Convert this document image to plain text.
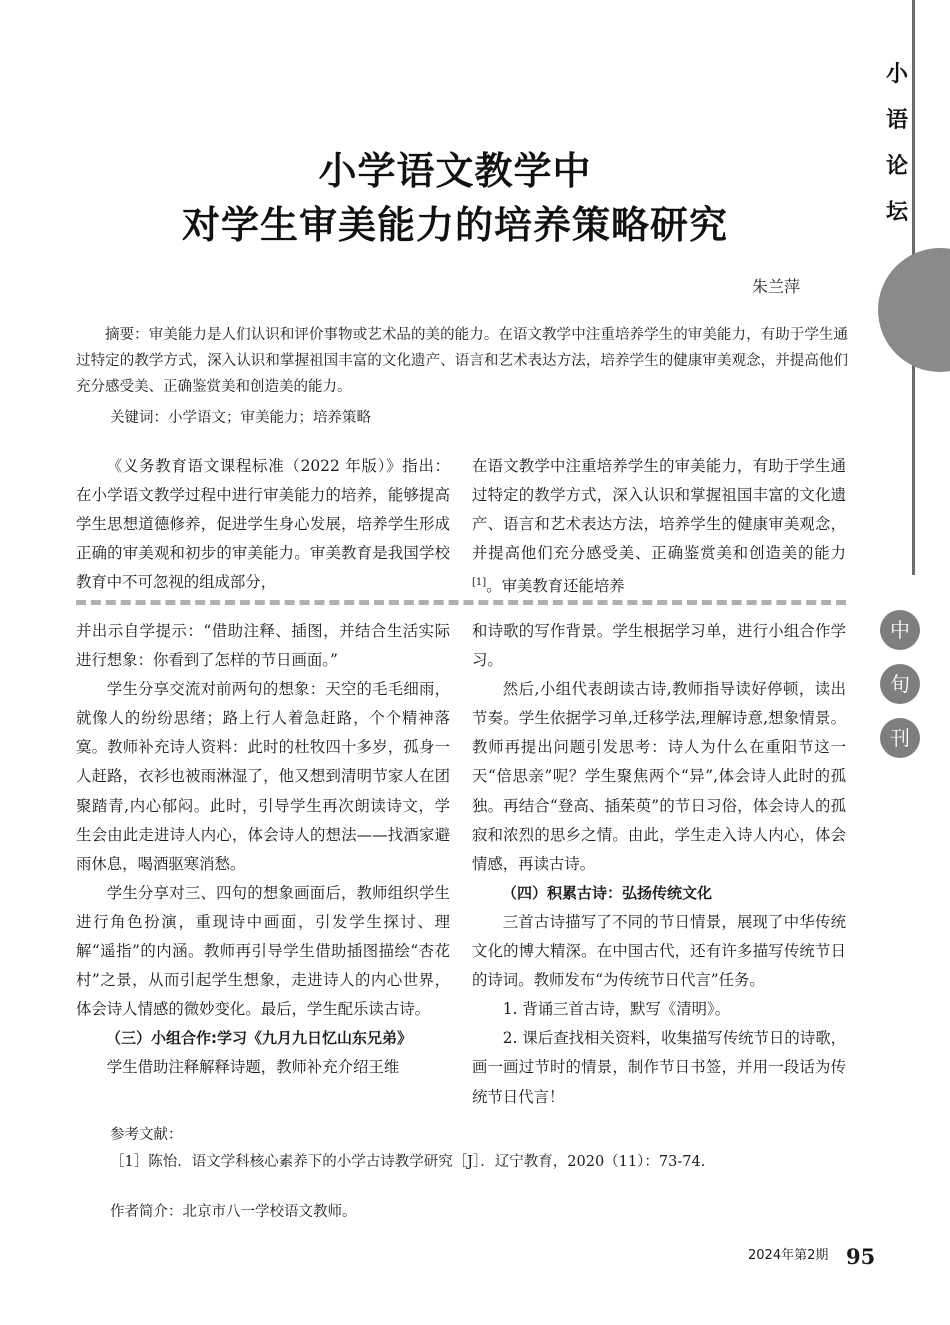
小
语
论
坛
中
旬
刊
小学语文教学中
对学生审美能力的培养策略研究
朱兰萍

摘要：审美能力是人们认识和评价事物或艺术品的美的能力。在语文教学中注重培养学生的审美能力，有助于学生通过特定的教学方式，深入认识和掌握祖国丰富的文化遗产、语言和艺术表达方法，培养学生的健康审美观念，并提高他们充分感受美、正确鉴赏美和创造美的能力。

关键词：小学语文；审美能力；培养策略

《义务教育语文课程标准（2022 年版）》指出：在小学语文教学过程中进行审美能力的培养，能够提高学生思想道德修养，促进学生身心发展，培养学生形成正确的审美观和初步的审美能力。审美教育是我国学校教育中不可忽视的组成部分，

在语文教学中注重培养学生的审美能力，有助于学生通过特定的教学方式，深入认识和掌握祖国丰富的文化遗产、语言和艺术表达方法，培养学生的健康审美观念，并提高他们充分感受美、正确鉴赏美和创造美的能力[1]。审美教育还能培养

并出示自学提示：“借助注释、插图，并结合生活实际进行想象：你看到了怎样的节日画面。”

学生分享交流对前两句的想象：天空的毛毛细雨，就像人的纷纷思绪；路上行人着急赶路，个个精神落寞。教师补充诗人资料：此时的杜牧四十多岁，孤身一人赶路，衣衫也被雨淋湿了，他又想到清明节家人在团聚踏青,内心郁闷。此时，引导学生再次朗读诗文，学生会由此走进诗人内心，体会诗人的想法——找酒家避雨休息，喝酒驱寒消愁。

学生分享对三、四句的想象画面后，教师组织学生进行角色扮演，重现诗中画面，引发学生探讨、理解“遥指”的内涵。教师再引导学生借助插图描绘“杏花村”之景，从而引起学生想象，走进诗人的内心世界，体会诗人情感的微妙变化。最后，学生配乐读古诗。

（三）小组合作:学习《九月九日忆山东兄弟》

学生借助注释解释诗题，教师补充介绍王维

和诗歌的写作背景。学生根据学习单，进行小组合作学习。

然后,小组代表朗读古诗,教师指导读好停顿，读出节奏。学生依据学习单,迁移学法,理解诗意,想象情景。教师再提出问题引发思考：诗人为什么在重阳节这一天“倍思亲”呢？学生聚焦两个“异”,体会诗人此时的孤独。再结合“登高、插茱萸”的节日习俗，体会诗人的孤寂和浓烈的思乡之情。由此，学生走入诗人内心，体会情感，再读古诗。

（四）积累古诗：弘扬传统文化

三首古诗描写了不同的节日情景，展现了中华传统文化的博大精深。在中国古代，还有许多描写传统节日的诗词。教师发布“为传统节日代言”任务。

1. 背诵三首古诗，默写《清明》。

2. 课后查找相关资料，收集描写传统节日的诗歌，画一画过节时的情景，制作节日书签，并用一段话为传统节日代言！

参考文献：

［1］陈怡．语文学科核心素养下的小学古诗教学研究［J］．辽宁教育，2020（11）：73-74.

作者简介：北京市八一学校语文教师。
2024年第2期 95
